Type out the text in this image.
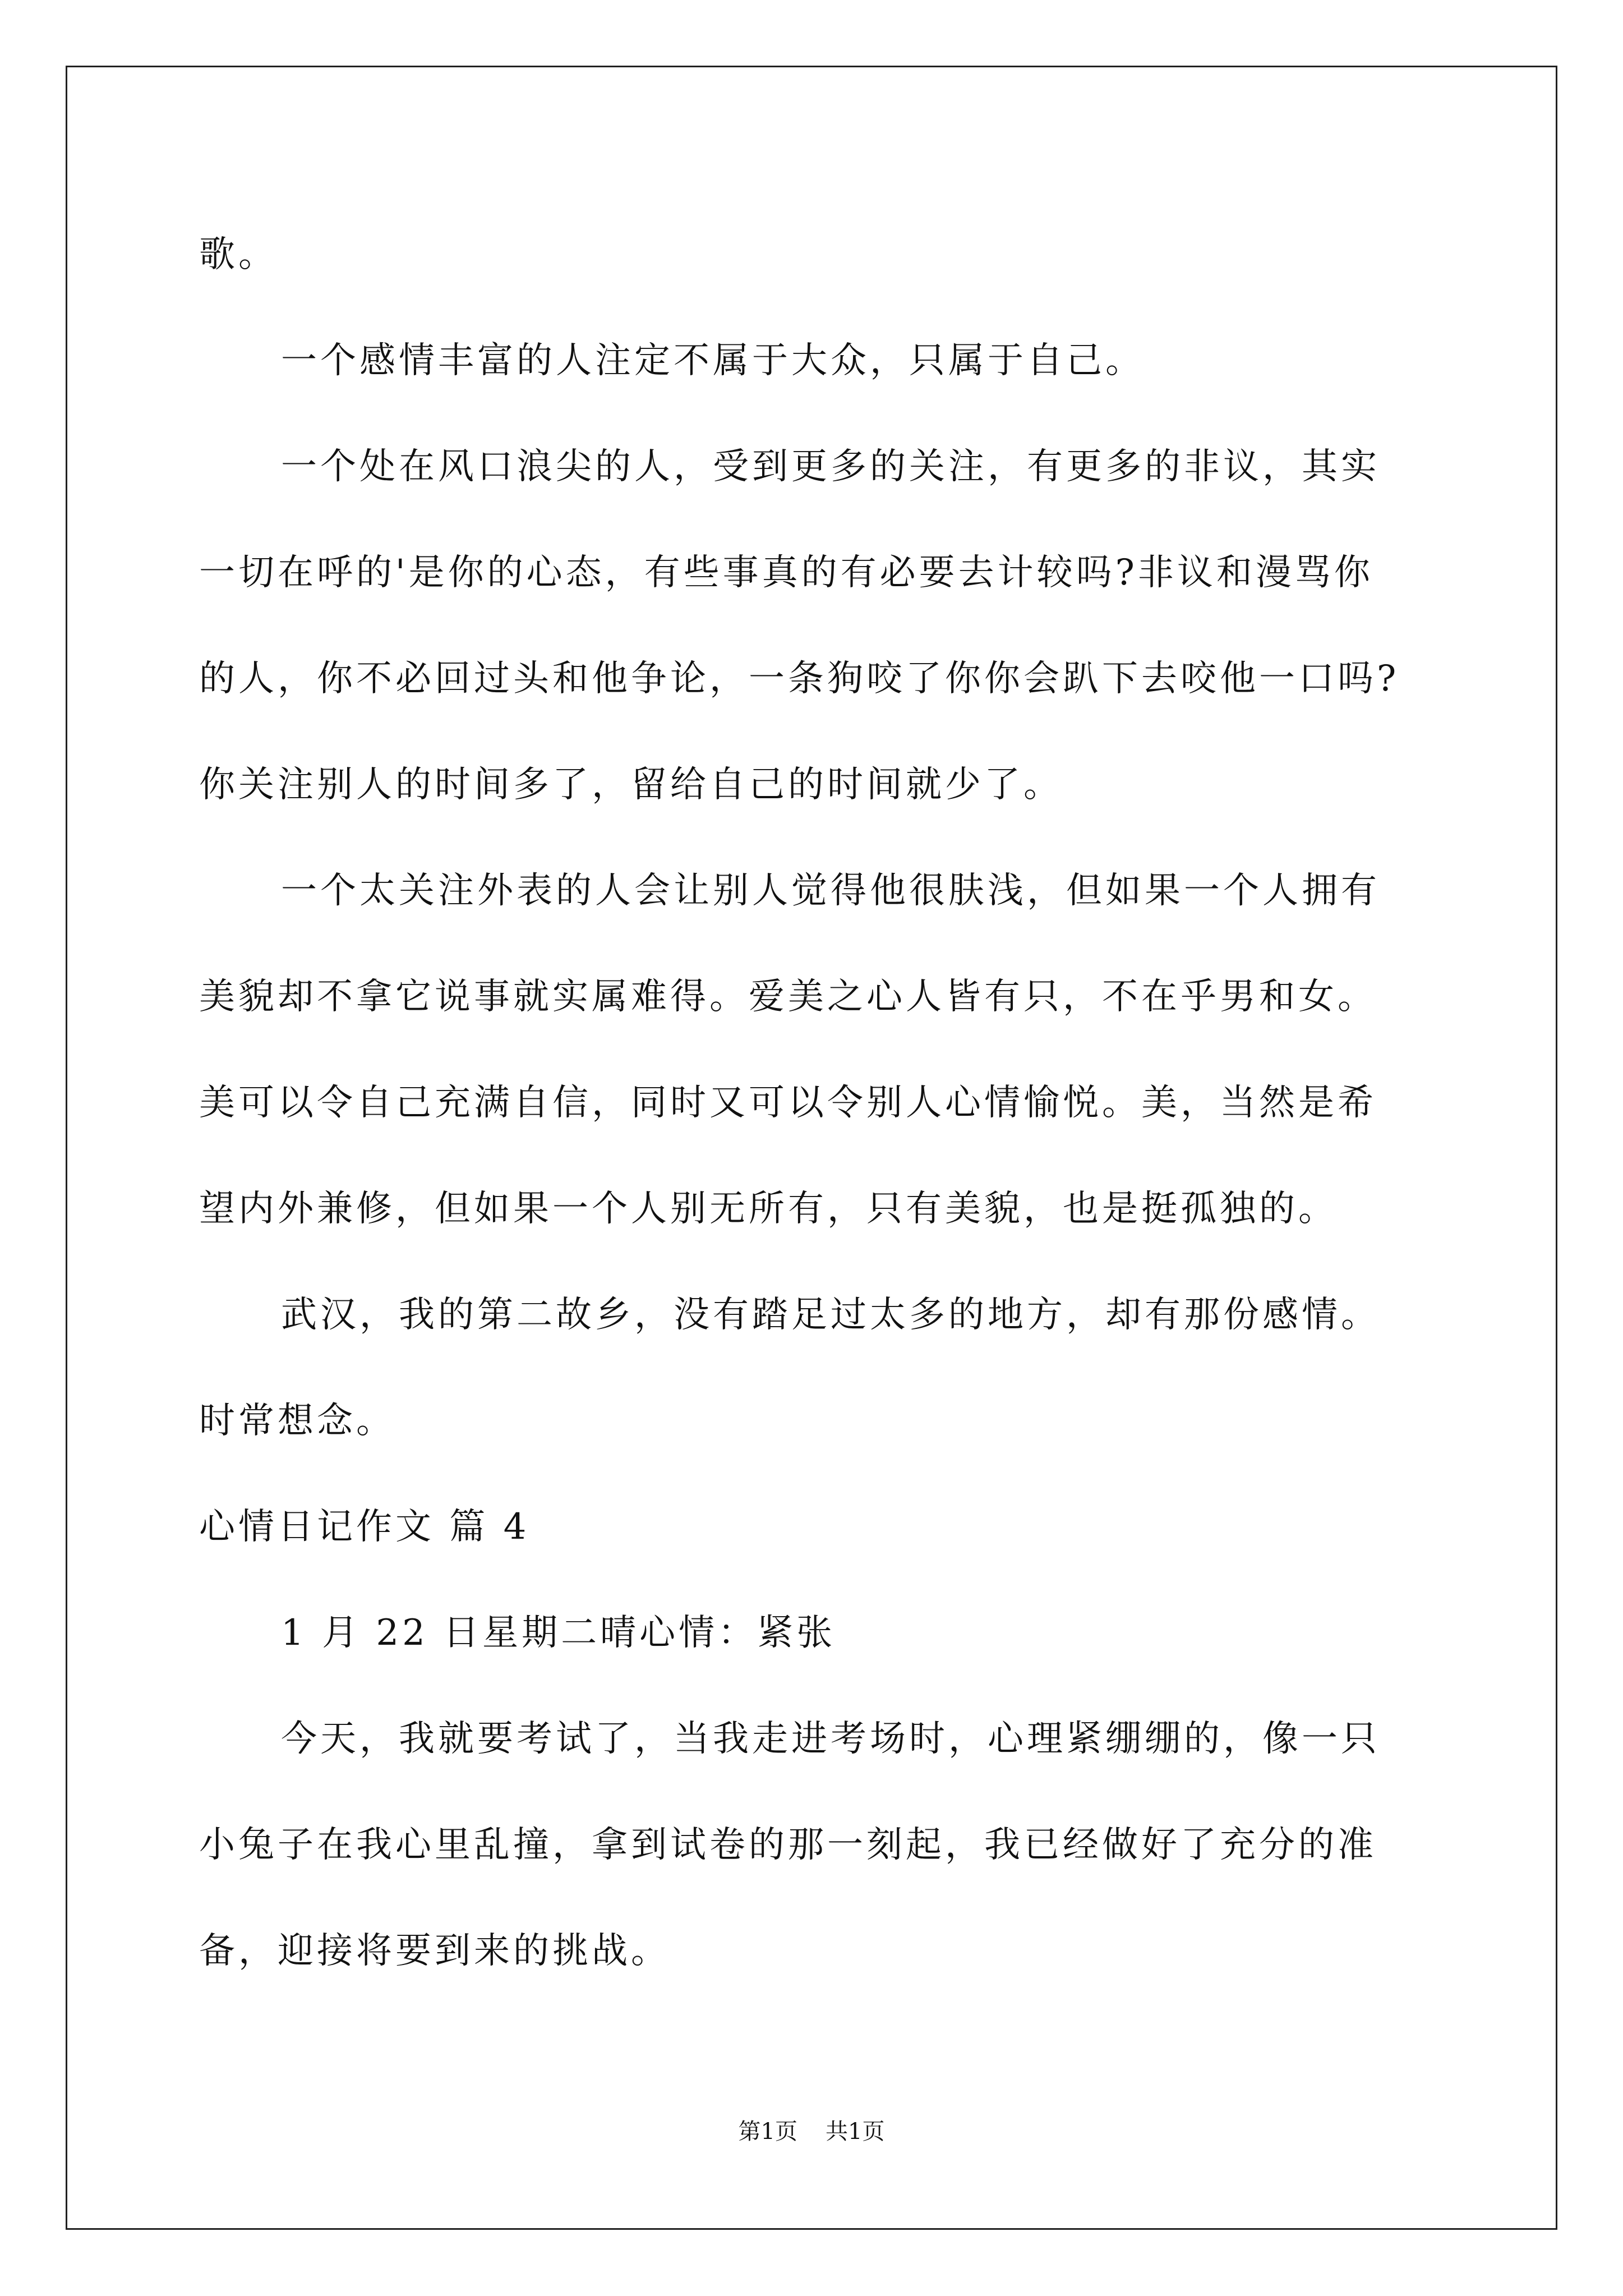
歌。
一个感情丰富的人注定不属于大众，只属于自己。
一个处在风口浪尖的人，受到更多的关注，有更多的非议，其实
一切在呼的'是你的心态，有些事真的有必要去计较吗?非议和漫骂你
的人，你不必回过头和他争论，一条狗咬了你你会趴下去咬他一口吗?
你关注别人的时间多了，留给自己的时间就少了。
一个太关注外表的人会让别人觉得他很肤浅，但如果一个人拥有
美貌却不拿它说事就实属难得。爱美之心人皆有只，不在乎男和女。
美可以令自己充满自信，同时又可以令别人心情愉悦。美，当然是希
望内外兼修，但如果一个人别无所有，只有美貌，也是挺孤独的。
武汉，我的第二故乡，没有踏足过太多的地方，却有那份感情。
时常想念。
心情日记作文 篇 4
1 月 22 日星期二晴心情：紧张
今天，我就要考试了，当我走进考场时，心理紧绷绷的，像一只
小兔子在我心里乱撞，拿到试卷的那一刻起，我已经做好了充分的准
备，迎接将要到来的挑战。
第1页 共1页
